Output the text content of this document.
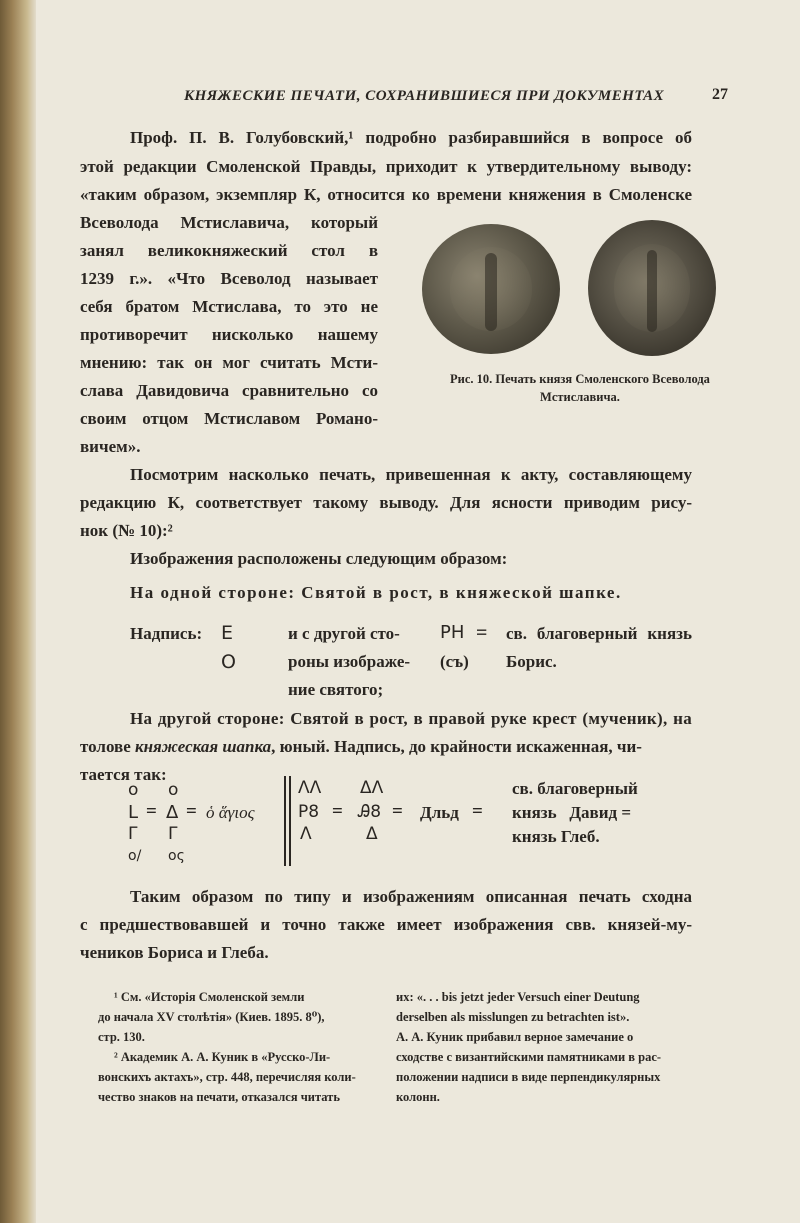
КНЯЖЕСКИЕ ПЕЧАТИ, СОХРАНИВШИЕСЯ ПРИ ДОКУМЕНТАХ	27
Проф. П. В. Голубовский,¹ подробно разбиравшийся в вопросе об
этой редакции Смоленской Правды, приходит к утвердительному выводу:
«таким образом, экземпляр К, относится ко времени княжения в Смоленске
Всеволода Мстиславича, который
занял великокняжеский стол в
1239 г.». «Что Всеволод называет
себя братом Мстислава, то это не
противоречит нисколько нашему
мнению: так он мог считать Мсти-
слава Давидовича сравнительно со
своим отцом Мстиславом Романо-
вичем».
Рис. 10. Печать князя Смоленского Всеволода
Мстиславича.
Посмотрим насколько печать, привешенная к акту, составляющему
редакцию К, соответствует такому выводу. Для ясности приводим рису-
нок (№ 10):²
Изображения расположены следующим образом:
На одной стороне: Святой в рост, в княжеской шапке.
Надпись: Е
О
и с другой сто-
роны изображе-
ние святого;
РН =
(съ)
св. благоверный князь
Борис.
На другой стороне: Святой в рост, в правой руке крест (мученик), на
толове княжеская шапка, юный. Надпись, до крайности искаженная, чи-
тается так:
о о
L = Δ = ὁ ἅγιος
Г Г
о/ ος
ΛΛ ΔΛ
Р8 = Ꭿ8 = Дльд =
Λ	Δ
св. благоверный
князь   Давид =
князь Глеб.
Таким образом по типу и изображениям описанная печать сходна
с предшествовавшей и точно также имеет изображения свв. князей-му-
чеников Бориса и Глеба.
¹ См. «Исторія Смоленской земли
до начала XV столѣтія» (Киев. 1895. 8⁰),
стр. 130.
² Академик А. А. Куник в «Русско-Ли-
вонскихъ актахъ», стр. 448, перечисляя коли-
чество знаков на печати, отказался читать
их: «. . . bis jetzt jeder Versuch einer Deutung
derselben als misslungen zu betrachten ist».
А. А. Куник прибавил верное замечание о
сходстве с византийскими памятниками в рас-
положении надписи в виде перпендикулярных
колонн.
